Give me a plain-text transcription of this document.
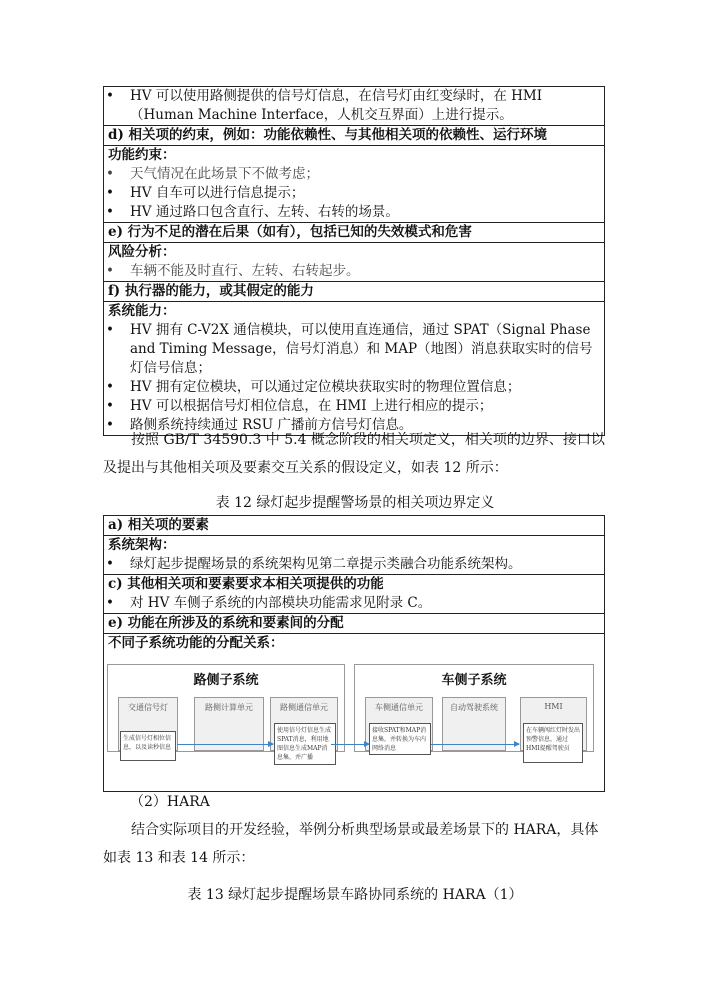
• HV 可以使用路侧提供的信号灯信息，在信号灯由红变绿时，在 HMI（Human Machine Interface，人机交互界面）上进行提示。
d) 相关项的约束，例如：功能依赖性、与其他相关项的依赖性、运行环境
功能约束：
• 天气情况在此场景下不做考虑；
• HV 自车可以进行信息提示；
• HV 通过路口包含直行、左转、右转的场景。
e) 行为不足的潜在后果（如有），包括已知的失效模式和危害
风险分析：
• 车辆不能及时直行、左转、右转起步。
f) 执行器的能力，或其假定的能力
系统能力：
• HV 拥有 C-V2X 通信模块，可以使用直连通信，通过 SPAT（Signal Phase and Timing Message，信号灯消息）和 MAP（地图）消息获取实时的信号灯信号信息；
• HV 拥有定位模块，可以通过定位模块获取实时的物理位置信息；
• HV 可以根据信号灯相位信息，在 HMI 上进行相应的提示；
• 路侧系统持续通过 RSU 广播前方信号灯信息。
按照 GB/T 34590.3 中 5.4 概念阶段的相关项定义，相关项的边界、接口以及提出与其他相关项及要素交互关系的假设定义，如表 12 所示：
表 12 绿灯起步提醒警场景的相关项边界定义
a) 相关项的要素
系统架构：
• 绿灯起步提醒场景的系统架构见第二章提示类融合功能系统架构。
c) 其他相关项和要素要求本相关项提供的功能
• 对 HV 车侧子系统的内部模块功能需求见附录 C。
e) 功能在所涉及的系统和要素间的分配
不同子系统功能的分配关系：
路侧子系统
交通信号灯	路侧计算单元	路侧通信单元
生成信号灯相位信息，以及读秒信息
使用信号灯信息生成SPAT消息，利用地图信息生成MAP消息集，并广播
车侧子系统
车侧通信单元	自动驾驶系统	HMI
接收SPAT和MAP消息集，并转换为车内网络消息
在车辆闯红灯时发出预警信息，通过HMI提醒驾驶员
（2）HARA
结合实际项目的开发经验，举例分析典型场景或最差场景下的 HARA，具体如表 13 和表 14 所示：
表 13 绿灯起步提醒场景车路协同系统的 HARA（1）
